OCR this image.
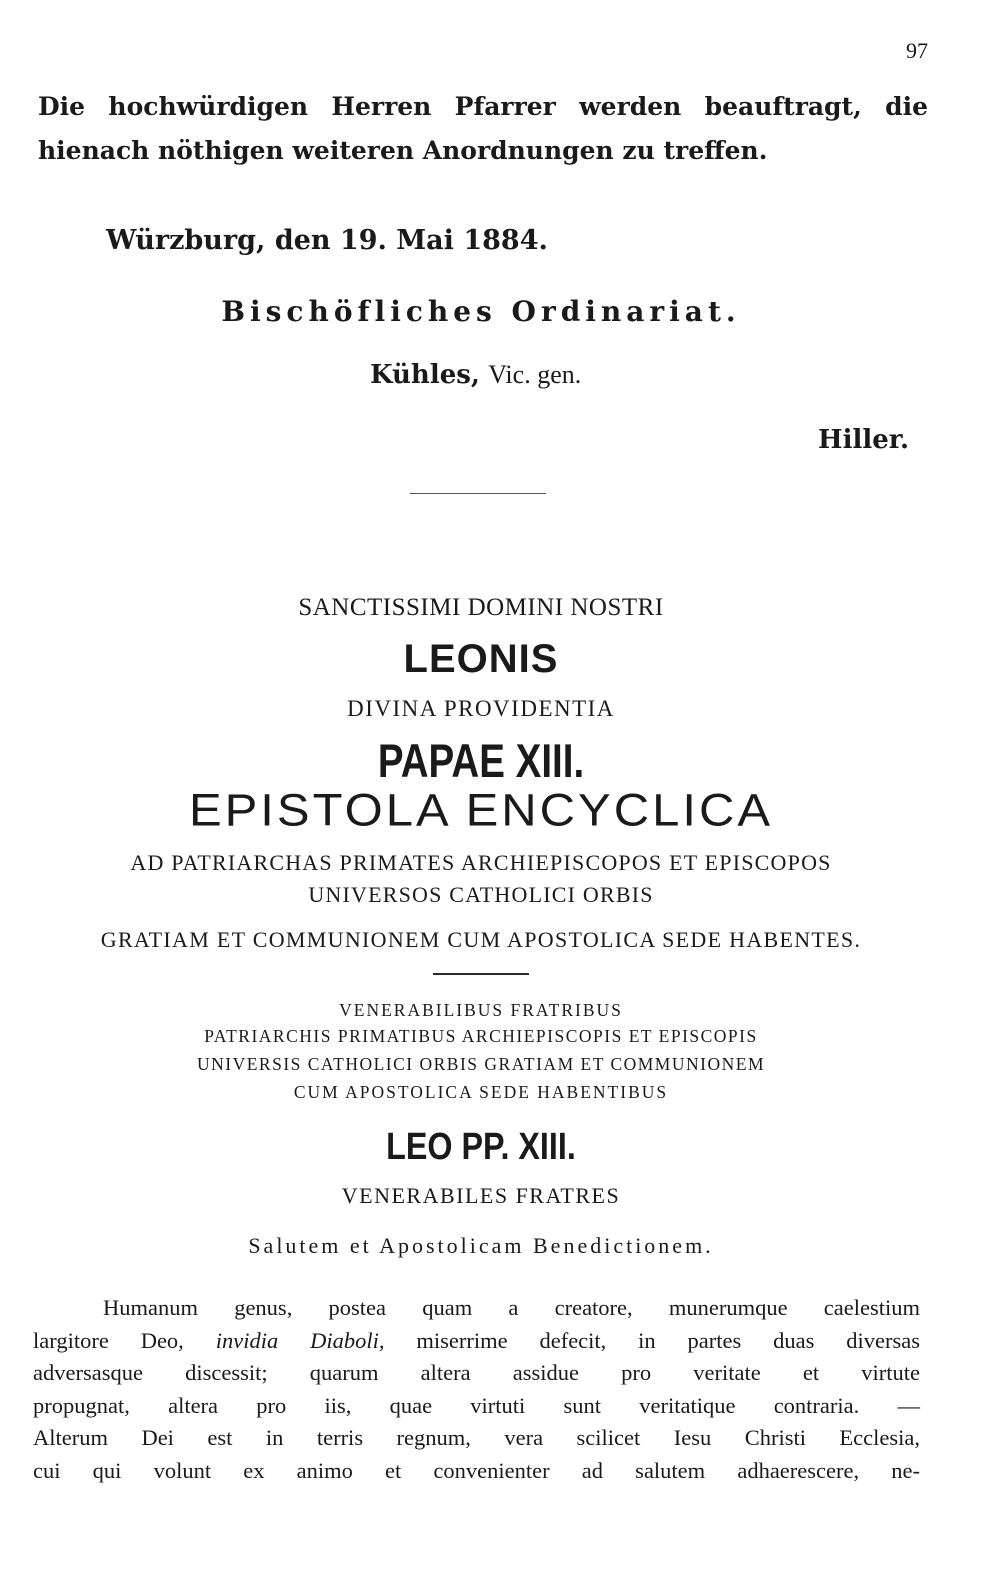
97
Die hochwürdigen Herren Pfarrer werden beauftragt, die hienach nöthigen weiteren Anordnungen zu treffen.
Würzburg, den 19. Mai 1884.
Bischöfliches Ordinariat.
Kühles, Vic. gen.
Hiller.
SANCTISSIMI DOMINI NOSTRI
LEONIS
DIVINA PROVIDENTIA
PAPAE XIII.
EPISTOLA ENCYCLICA
AD PATRIARCHAS PRIMATES ARCHIEPISCOPOS ET EPISCOPOS
UNIVERSOS CATHOLICI ORBIS
GRATIAM ET COMMUNIONEM CUM APOSTOLICA SEDE HABENTES.
VENERABILIBUS FRATRIBUS
PATRIARCHIS PRIMATIBUS ARCHIEPISCOPIS ET EPISCOPIS
UNIVERSIS CATHOLICI ORBIS GRATIAM ET COMMUNIONEM
CUM APOSTOLICA SEDE HABENTIBUS
LEO PP. XIII.
VENERABILES FRATRES
Salutem et Apostolicam Benedictionem.
Humanum genus, postea quam a creatore, munerumque caelestium
largitore Deo, invidia Diaboli, miserrime defecit, in partes duas diversas
adversasque discessit; quarum altera assidue pro veritate et virtute
propugnat, altera pro iis, quae virtuti sunt veritatique contraria. —
Alterum Dei est in terris regnum, vera scilicet Iesu Christi Ecclesia,
cui qui volunt ex animo et convenienter ad salutem adhaerescere, ne-
